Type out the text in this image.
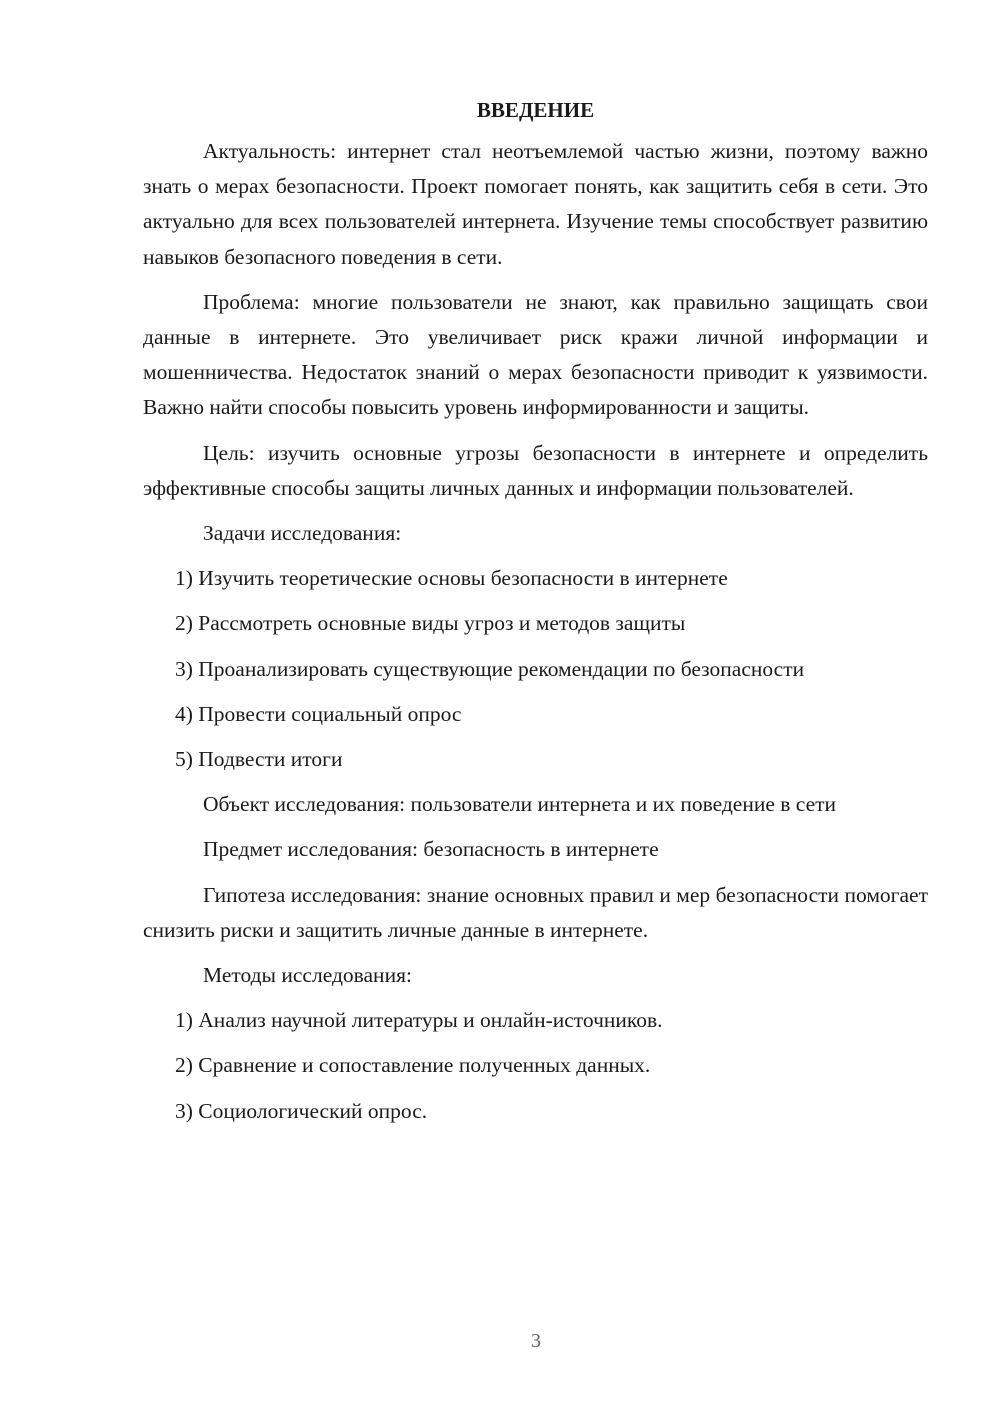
ВВЕДЕНИЕ

Актуальность: интернет стал неотъемлемой частью жизни, поэтому важно знать о мерах безопасности. Проект помогает понять, как защитить себя в сети. Это актуально для всех пользователей интернета. Изучение темы способствует развитию навыков безопасного поведения в сети.

Проблема: многие пользователи не знают, как правильно защищать свои данные в интернете. Это увеличивает риск кражи личной информации и мошенничества. Недостаток знаний о мерах безопасности приводит к уязвимости. Важно найти способы повысить уровень информированности и защиты.

Цель: изучить основные угрозы безопасности в интернете и определить эффективные способы защиты личных данных и информации пользователей.

Задачи исследования:
1) Изучить теоретические основы безопасности в интернете
2) Рассмотреть основные виды угроз и методов защиты
3) Проанализировать существующие рекомендации по безопасности
4) Провести социальный опрос
5) Подвести итоги

Объект исследования: пользователи интернета и их поведение в сети

Предмет исследования: безопасность в интернете

Гипотеза исследования: знание основных правил и мер безопасности помогает снизить риски и защитить личные данные в интернете.

Методы исследования:
1) Анализ научной литературы и онлайн-источников.
2) Сравнение и сопоставление полученных данных.
3) Социологический опрос.
3
